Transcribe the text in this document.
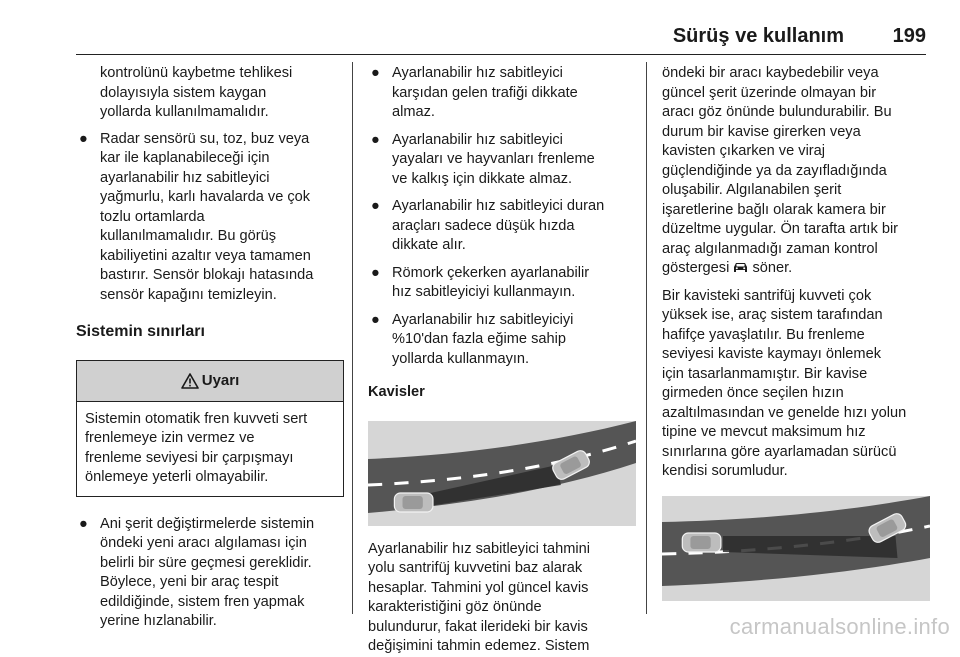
Sürüş ve kullanım 199

kontrolünü kaybetme tehlikesi
dolayısıyla sistem kaygan
yollarda kullanılmamalıdır.

● Radar sensörü su, toz, buz veya
kar ile kaplanabileceği için
ayarlanabilir hız sabitleyici
yağmurlu, karlı havalarda ve çok
tozlu ortamlarda
kullanılmamalıdır. Bu görüş
kabiliyetini azaltır veya tamamen
bastırır. Sensör blokajı hatasında
sensör kapağını temizleyin.

Sistemin sınırları

Uyarı
Sistemin otomatik fren kuvveti sert
frenlemeye izin vermez ve
frenleme seviyesi bir çarpışmayı
önlemeye yeterli olmayabilir.

● Ani şerit değiştirmelerde sistemin
öndeki yeni aracı algılaması için
belirli bir süre geçmesi gereklidir.
Böylece, yeni bir araç tespit
edildiğinde, sistem fren yapmak
yerine hızlanabilir.

● Ayarlanabilir hız sabitleyici
karşıdan gelen trafiği dikkate
almaz.

● Ayarlanabilir hız sabitleyici
yayaları ve hayvanları frenleme
ve kalkış için dikkate almaz.

● Ayarlanabilir hız sabitleyici duran
araçları sadece düşük hızda
dikkate alır.

● Römork çekerken ayarlanabilir
hız sabitleyiciyi kullanmayın.

● Ayarlanabilir hız sabitleyiciyi
%10'dan fazla eğime sahip
yollarda kullanmayın.

Kavisler

Ayarlanabilir hız sabitleyici tahmini
yolu santrifüj kuvvetini baz alarak
hesaplar. Tahmini yol güncel kavis
karakteristiğini göz önünde
bulundurur, fakat ilerideki bir kavis
değişimini tahmin edemez. Sistem

öndeki bir aracı kaybedebilir veya
güncel şerit üzerinde olmayan bir
aracı göz önünde bulundurabilir. Bu
durum bir kavise girerken veya
kavisten çıkarken ve viraj
güçlendiğinde ya da zayıfladığında
oluşabilir. Algılanabilen şerit
işaretlerine bağlı olarak kamera bir
düzeltme uygular. Ön tarafta artık bir
araç algılanmadığı zaman kontrol
göstergesi söner.

Bir kavisteki santrifüj kuvveti çok
yüksek ise, araç sistem tarafından
hafifçe yavaşlatılır. Bu frenleme
seviyesi kaviste kaymayı önlemek
için tasarlanmamıştır. Bir kavise
girmeden önce seçilen hızın
azaltılmasından ve genelde hızı yolun
tipine ve mevcut maksimum hız
sınırlarına göre ayarlamadan sürücü
kendisi sorumludur.

carmanualsonline.info
